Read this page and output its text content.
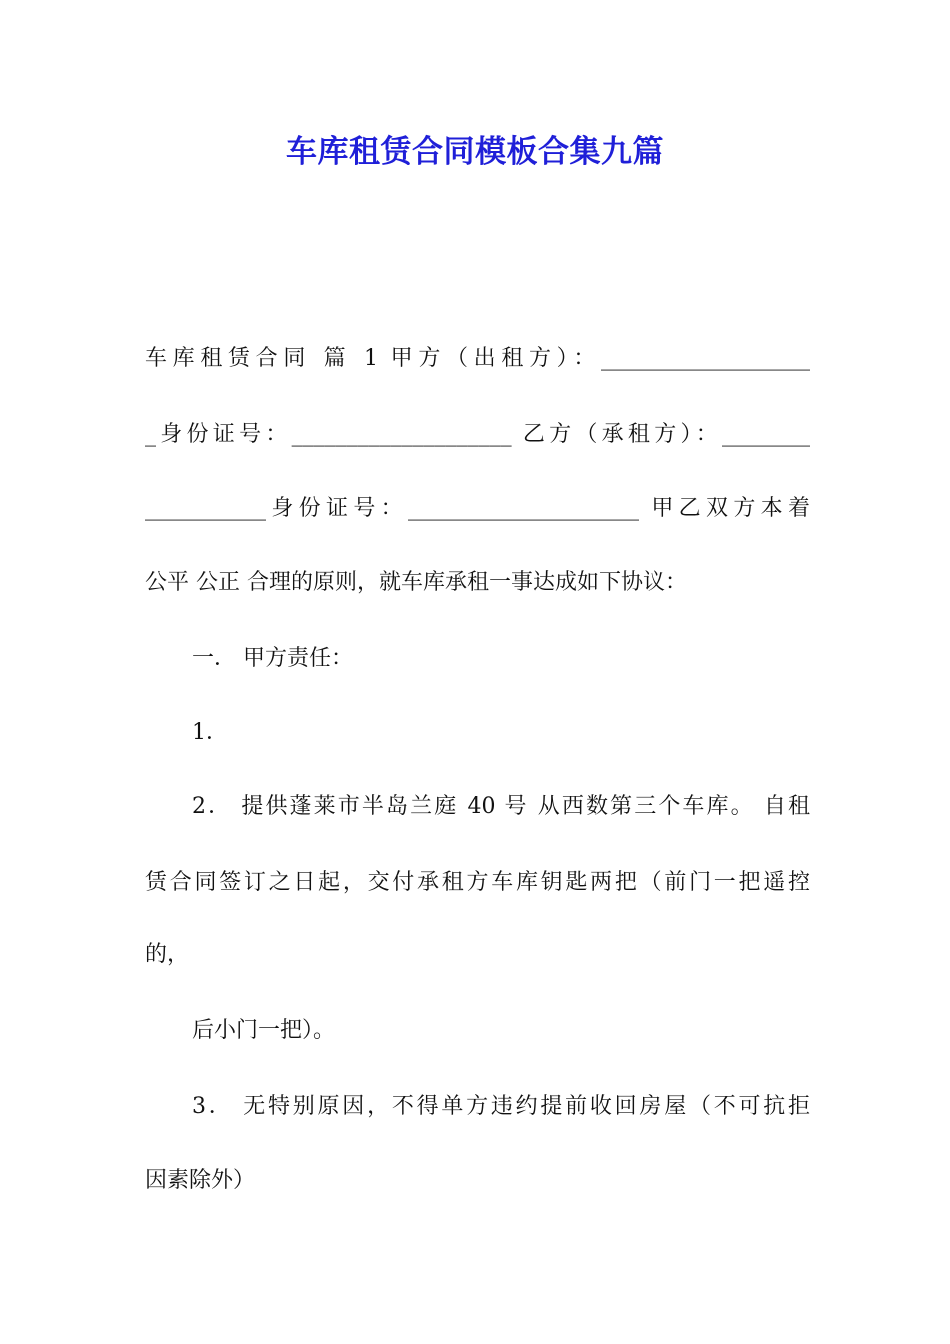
车库租赁合同模板合集九篇
车库租赁合同 篇 1 甲方（出租方）：___________________
_身份证号：____________________ 乙方（承租方）：________
___________身份证号：_____________________ 甲乙双方本着
公平 公正 合理的原则，就车库承租一事达成如下协议：
一． 甲方责任：
1．
2． 提供蓬莱市半岛兰庭 40 号 从西数第三个车库。 自租
赁合同签订之日起，交付承租方车库钥匙两把（前门一把遥控
的，
后小门一把）。
3． 无特别原因，不得单方违约提前收回房屋（不可抗拒
因素除外）
